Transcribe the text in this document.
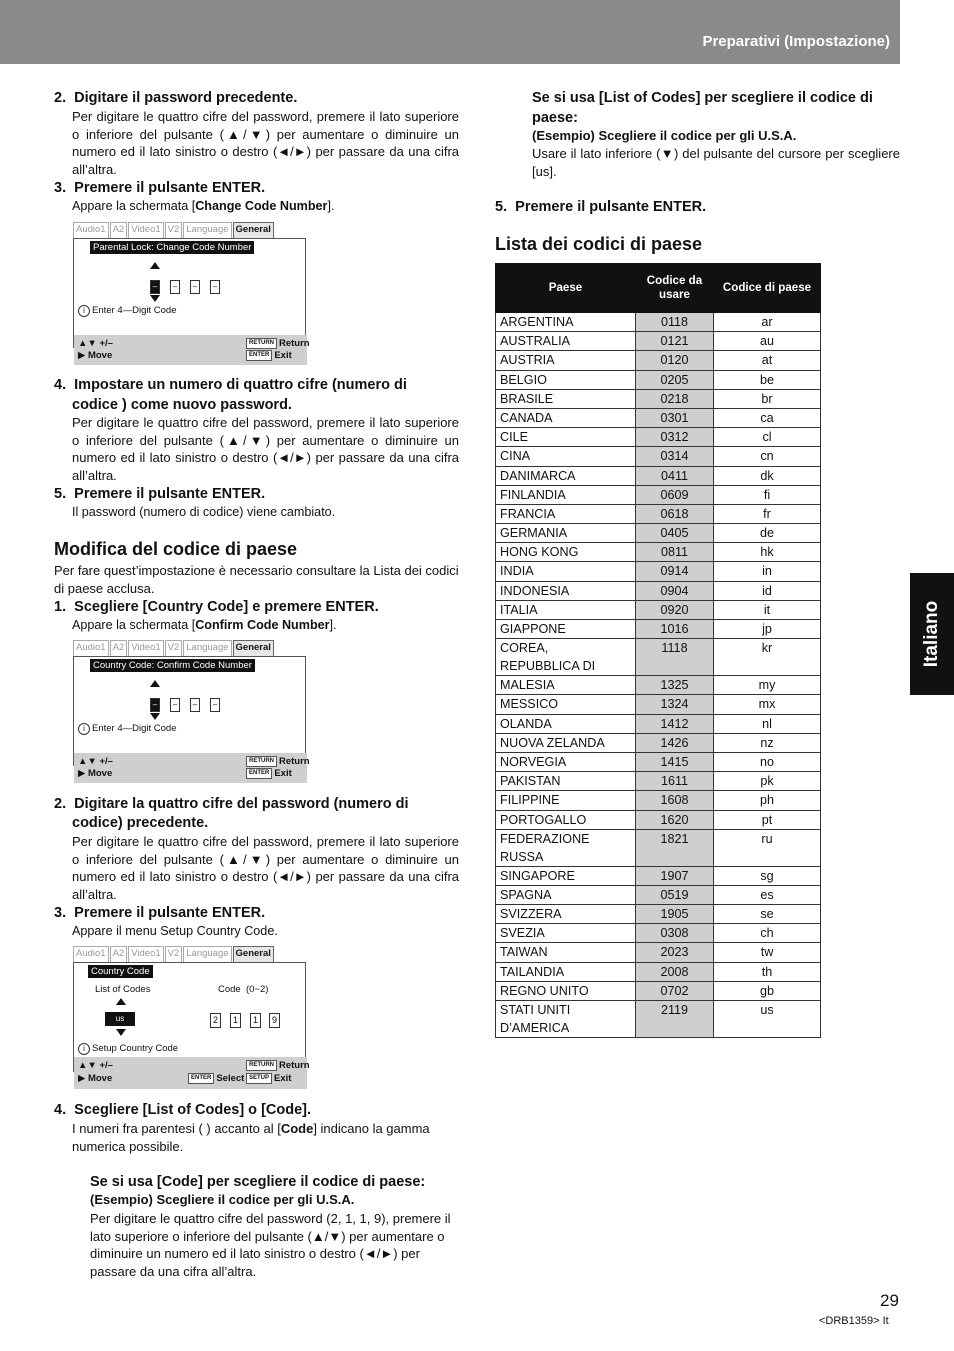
Preparativi (Impostazione)
Italiano
2.  Digitare il password precedente.
Per digitare le quattro cifre del password, premere il lato superiore o inferiore del pulsante (▲/▼) per aumentare o diminuire un numero ed il lato sinistro o destro (◄/►) per passare da una cifra all’altra.
3.  Premere il pulsante ENTER.
Appare la schermata [Change Code Number].
Audio1 A2 Video1 V2 Language General
Parental Lock: Change Code Number
–	–	–	–
i Enter 4—Digit Code
▲▼ +/–
▶ Move
RETURN Return
ENTER Exit
4.  Impostare un numero di quattro cifre (numero di
codice ) come nuovo password.
Per digitare le quattro cifre del password, premere il lato superiore o inferiore del pulsante (▲/▼) per aumentare o diminuire un numero ed il lato sinistro o destro (◄/►) per passare da una cifra all’altra.
5.  Premere il pulsante ENTER.
Il password (numero di codice) viene cambiato.
Modifica del codice di paese
Per fare quest’impostazione è necessario consultare la Lista dei codici di paese acclusa.
1.  Scegliere [Country Code] e premere ENTER.
Appare la schermata [Confirm Code Number].
Audio1 A2 Video1 V2 Language General
Country Code: Confirm Code Number
–	–	–	–
i Enter 4—Digit Code
▲▼ +/–
▶ Move
RETURN Return
ENTER Exit
2.  Digitare la quattro cifre del password (numero di
codice) precedente.
Per digitare le quattro cifre del password, premere il lato superiore o inferiore del pulsante (▲/▼) per aumentare o diminuire un numero ed il lato sinistro o destro (◄/►) per passare da una cifra all’altra.
3.  Premere il pulsante ENTER.
Appare il menu Setup Country Code.
Audio1 A2 Video1 V2 Language General
Country Code
List of Codes	Code  (0~2)
us	2	1	1	9
i Setup Country Code
▲▼ +/–
▶ Move	ENTER Select
RETURN Return
SETUP Exit
4.  Scegliere [List of Codes] o [Code].
I numeri fra parentesi ( ) accanto al [Code] indicano la gamma numerica possibile.
Se si usa [Code] per scegliere il codice di paese:
(Esempio) Scegliere il codice per gli U.S.A.
Per digitare le quattro cifre del password (2, 1, 1, 9), premere il lato superiore o inferiore del pulsante (▲/▼) per aumentare o diminuire un numero ed il lato sinistro o destro (◄/►) per passare da una cifra all’altra.
Se si usa [List of Codes] per scegliere il codice di
paese:
(Esempio) Scegliere il codice per gli U.S.A.
Usare il lato inferiore (▼) del pulsante del cursore per scegliere [us].
5.  Premere il pulsante ENTER.
Lista dei codici di paese
Paese	Codice da usare	Codice di paese
ARGENTINA	0118	ar
AUSTRALIA	0121	au
AUSTRIA	0120	at
BELGIO	0205	be
BRASILE	0218	br
CANADA	0301	ca
CILE	0312	cl
CINA	0314	cn
DANIMARCA	0411	dk
FINLANDIA	0609	fi
FRANCIA	0618	fr
GERMANIA	0405	de
HONG KONG	0811	hk
INDIA	0914	in
INDONESIA	0904	id
ITALIA	0920	it
GIAPPONE	1016	jp
COREA,
REPUBBLICA DI	1118	kr
MALESIA	1325	my
MESSICO	1324	mx
OLANDA	1412	nl
NUOVA ZELANDA	1426	nz
NORVEGIA	1415	no
PAKISTAN	1611	pk
FILIPPINE	1608	ph
PORTOGALLO	1620	pt
FEDERAZIONE RUSSA	1821	ru
SINGAPORE	1907	sg
SPAGNA	0519	es
SVIZZERA	1905	se
SVEZIA	0308	ch
TAIWAN	2023	tw
TAILANDIA	2008	th
REGNO UNITO	0702	gb
STATI UNITI
D’AMERICA	2119	us
29
<DRB1359> It
